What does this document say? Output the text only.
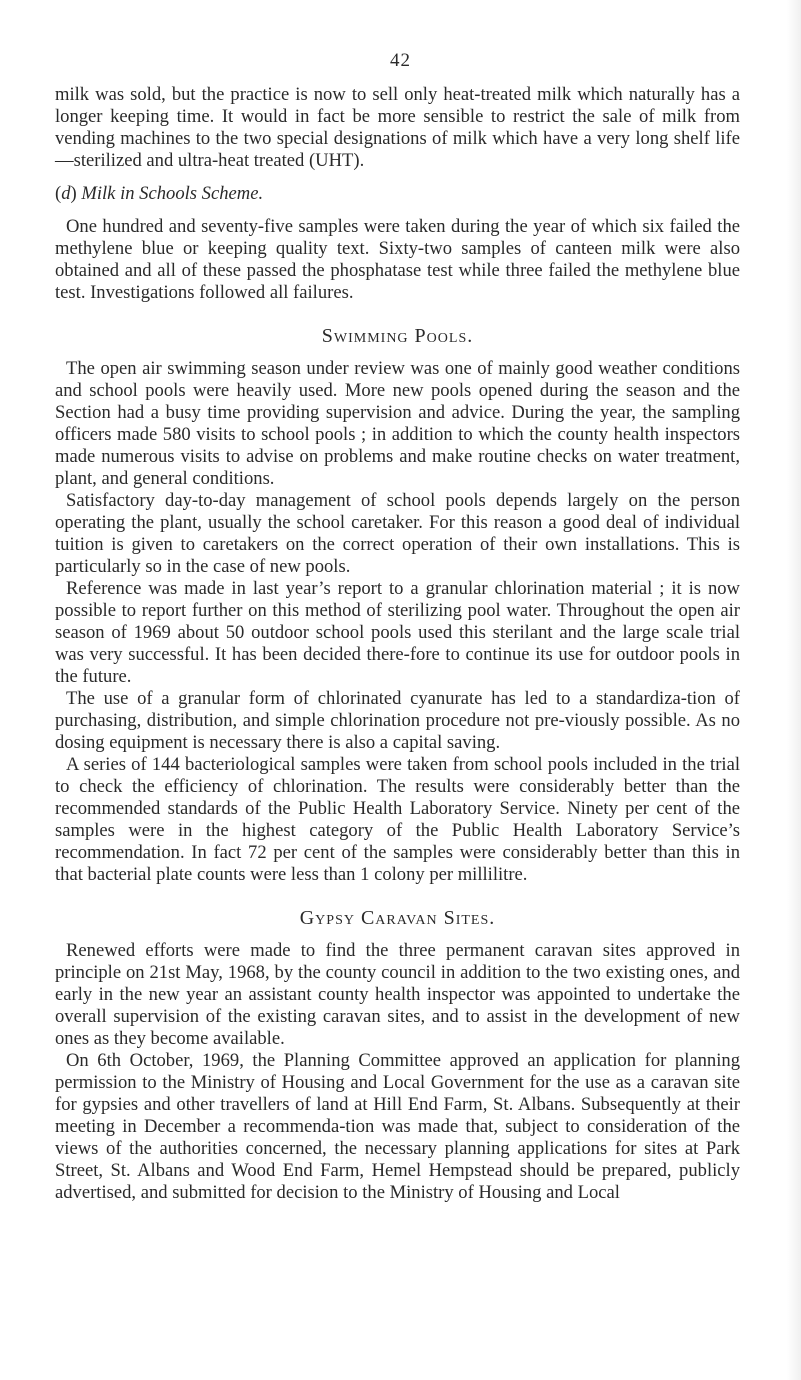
42

milk was sold, but the practice is now to sell only heat-treated milk which naturally has a longer keeping time. It would in fact be more sensible to restrict the sale of milk from vending machines to the two special designations of milk which have a very long shelf life—sterilized and ultra-heat treated (UHT).

(d) Milk in Schools Scheme.

One hundred and seventy-five samples were taken during the year of which six failed the methylene blue or keeping quality text. Sixty-two samples of canteen milk were also obtained and all of these passed the phosphatase test while three failed the methylene blue test. Investigations followed all failures.

Swimming Pools.

The open air swimming season under review was one of mainly good weather conditions and school pools were heavily used. More new pools opened during the season and the Section had a busy time providing supervision and advice. During the year, the sampling officers made 580 visits to school pools ; in addition to which the county health inspectors made numerous visits to advise on problems and make routine checks on water treatment, plant, and general conditions.

Satisfactory day-to-day management of school pools depends largely on the person operating the plant, usually the school caretaker. For this reason a good deal of individual tuition is given to caretakers on the correct operation of their own installations. This is particularly so in the case of new pools.

Reference was made in last year’s report to a granular chlorination material ; it is now possible to report further on this method of sterilizing pool water. Throughout the open air season of 1969 about 50 outdoor school pools used this sterilant and the large scale trial was very successful. It has been decided there-fore to continue its use for outdoor pools in the future.

The use of a granular form of chlorinated cyanurate has led to a standardiza-tion of purchasing, distribution, and simple chlorination procedure not pre-viously possible. As no dosing equipment is necessary there is also a capital saving.

A series of 144 bacteriological samples were taken from school pools included in the trial to check the efficiency of chlorination. The results were considerably better than the recommended standards of the Public Health Laboratory Service. Ninety per cent of the samples were in the highest category of the Public Health Laboratory Service’s recommendation. In fact 72 per cent of the samples were considerably better than this in that bacterial plate counts were less than 1 colony per millilitre.

Gypsy Caravan Sites.

Renewed efforts were made to find the three permanent caravan sites approved in principle on 21st May, 1968, by the county council in addition to the two existing ones, and early in the new year an assistant county health inspector was appointed to undertake the overall supervision of the existing caravan sites, and to assist in the development of new ones as they become available.

On 6th October, 1969, the Planning Committee approved an application for planning permission to the Ministry of Housing and Local Government for the use as a caravan site for gypsies and other travellers of land at Hill End Farm, St. Albans. Subsequently at their meeting in December a recommenda-tion was made that, subject to consideration of the views of the authorities concerned, the necessary planning applications for sites at Park Street, St. Albans and Wood End Farm, Hemel Hempstead should be prepared, publicly advertised, and submitted for decision to the Ministry of Housing and Local
